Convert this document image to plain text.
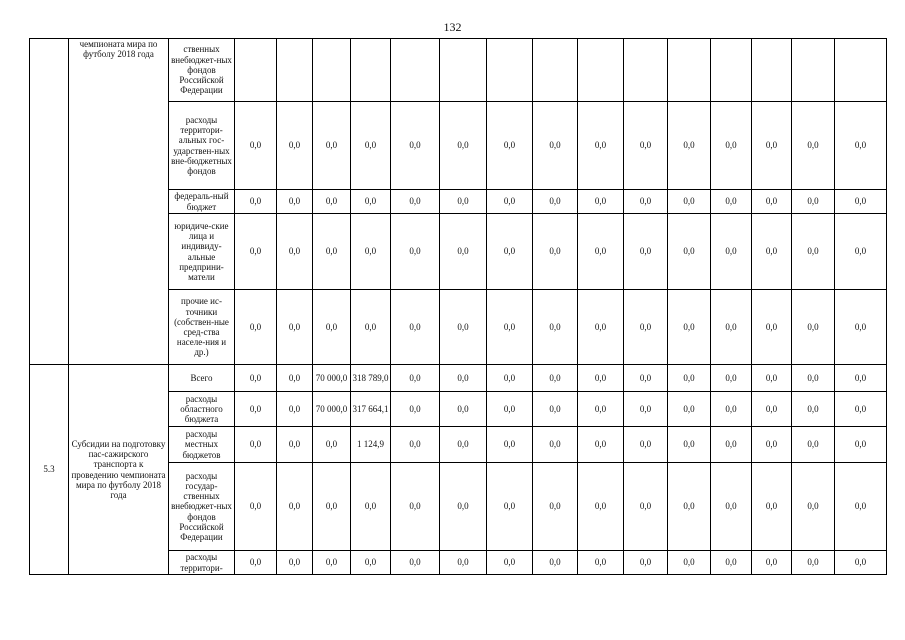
132
	чемпионата мира по футболу 2018 года	ственных внебюджет-ных фондов Российской Федерации																
		расходы территори-альных гос-ударствен-ных вне-бюджетных фондов	0,0	0,0	0,0	0,0	0,0	0,0	0,0	0,0	0,0	0,0	0,0	0,0	0,0	0,0	0,0	
		федераль-ный бюджет	0,0	0,0	0,0	0,0	0,0	0,0	0,0	0,0	0,0	0,0	0,0	0,0	0,0	0,0	0,0	
		юридиче-ские лица и индивиду-альные предприни-матели	0,0	0,0	0,0	0,0	0,0	0,0	0,0	0,0	0,0	0,0	0,0	0,0	0,0	0,0	0,0	
		прочие ис-точники (собствен-ные сред-ства населе-ния и др.)	0,0	0,0	0,0	0,0	0,0	0,0	0,0	0,0	0,0	0,0	0,0	0,0	0,0	0,0	0,0	
5.3	Субсидии на подготовку пас-сажирского транспорта к проведению чемпионата мира по футболу 2018 года	Всего	0,0	0,0	70 000,0	318 789,0	0,0	0,0	0,0	0,0	0,0	0,0	0,0	0,0	0,0	0,0	0,0	
		расходы областного бюджета	0,0	0,0	70 000,0	317 664,1	0,0	0,0	0,0	0,0	0,0	0,0	0,0	0,0	0,0	0,0	0,0	
		расходы местных бюджетов	0,0	0,0	0,0	1 124,9	0,0	0,0	0,0	0,0	0,0	0,0	0,0	0,0	0,0	0,0	0,0	
		расходы государ-ственных внебюджет-ных фондов Российской Федерации	0,0	0,0	0,0	0,0	0,0	0,0	0,0	0,0	0,0	0,0	0,0	0,0	0,0	0,0	0,0	
		расходы территори-	0,0	0,0	0,0	0,0	0,0	0,0	0,0	0,0	0,0	0,0	0,0	0,0	0,0	0,0	0,0	
